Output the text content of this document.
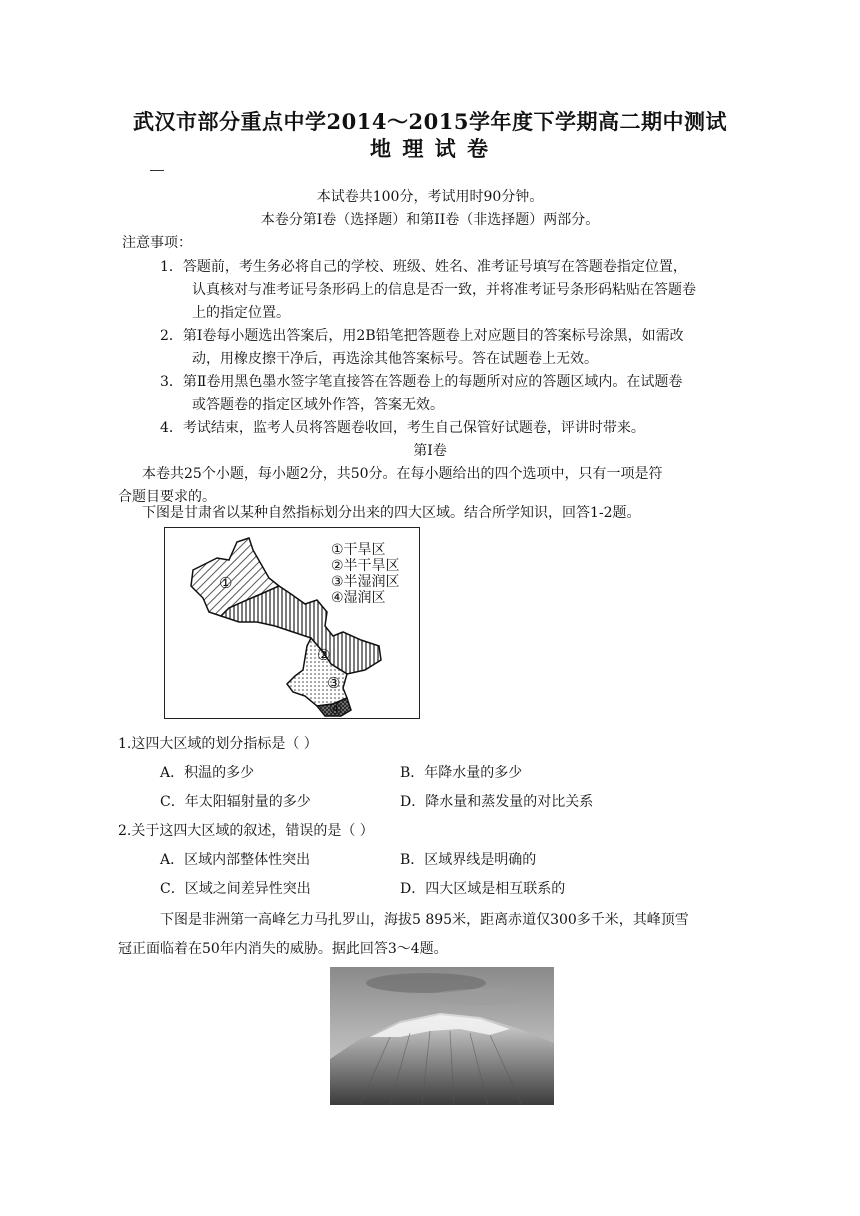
武汉市部分重点中学2014～2015学年度下学期高二期中测试
地 理 试 卷
本试卷共100分，考试用时90分钟。
本卷分第Ⅰ卷（选择题）和第II卷（非选择题）两部分。
注意事项：
1．答题前，考生务必将自己的学校、班级、姓名、准考证号填写在答题卷指定位置，
认真核对与准考证号条形码上的信息是否一致，并将准考证号条形码粘贴在答题卷
上的指定位置。
2．第Ⅰ卷每小题选出答案后，用2B铅笔把答题卷上对应题目的答案标号涂黑，如需改
动，用橡皮擦干净后，再选涂其他答案标号。答在试题卷上无效。
3．第Ⅱ卷用黑色墨水签字笔直接答在答题卷上的每题所对应的答题区域内。在试题卷
或答题卷的指定区域外作答，答案无效。
4．考试结束，监考人员将答题卷收回，考生自己保管好试题卷，评讲时带来。
第Ⅰ卷
本卷共25个小题，每小题2分，共50分。在每小题给出的四个选项中，只有一项是符
合题目要求的。
下图是甘肃省以某种自然指标划分出来的四大区域。结合所学知识，回答1-2题。
①
②
③
④
①干旱区
②半干旱区
③半湿润区
④湿润区
1.这四大区域的划分指标是（ ）
A．积温的多少	B．年降水量的多少
C．年太阳辐射量的多少	D．降水量和蒸发量的对比关系
2.关于这四大区域的叙述，错误的是（ ）
A．区域内部整体性突出	B．区域界线是明确的
C．区域之间差异性突出	D．四大区域是相互联系的
下图是非洲第一高峰乞力马扎罗山，海拔5 895米，距离赤道仅300多千米，其峰顶雪
冠正面临着在50年内消失的威胁。据此回答3～4题。
